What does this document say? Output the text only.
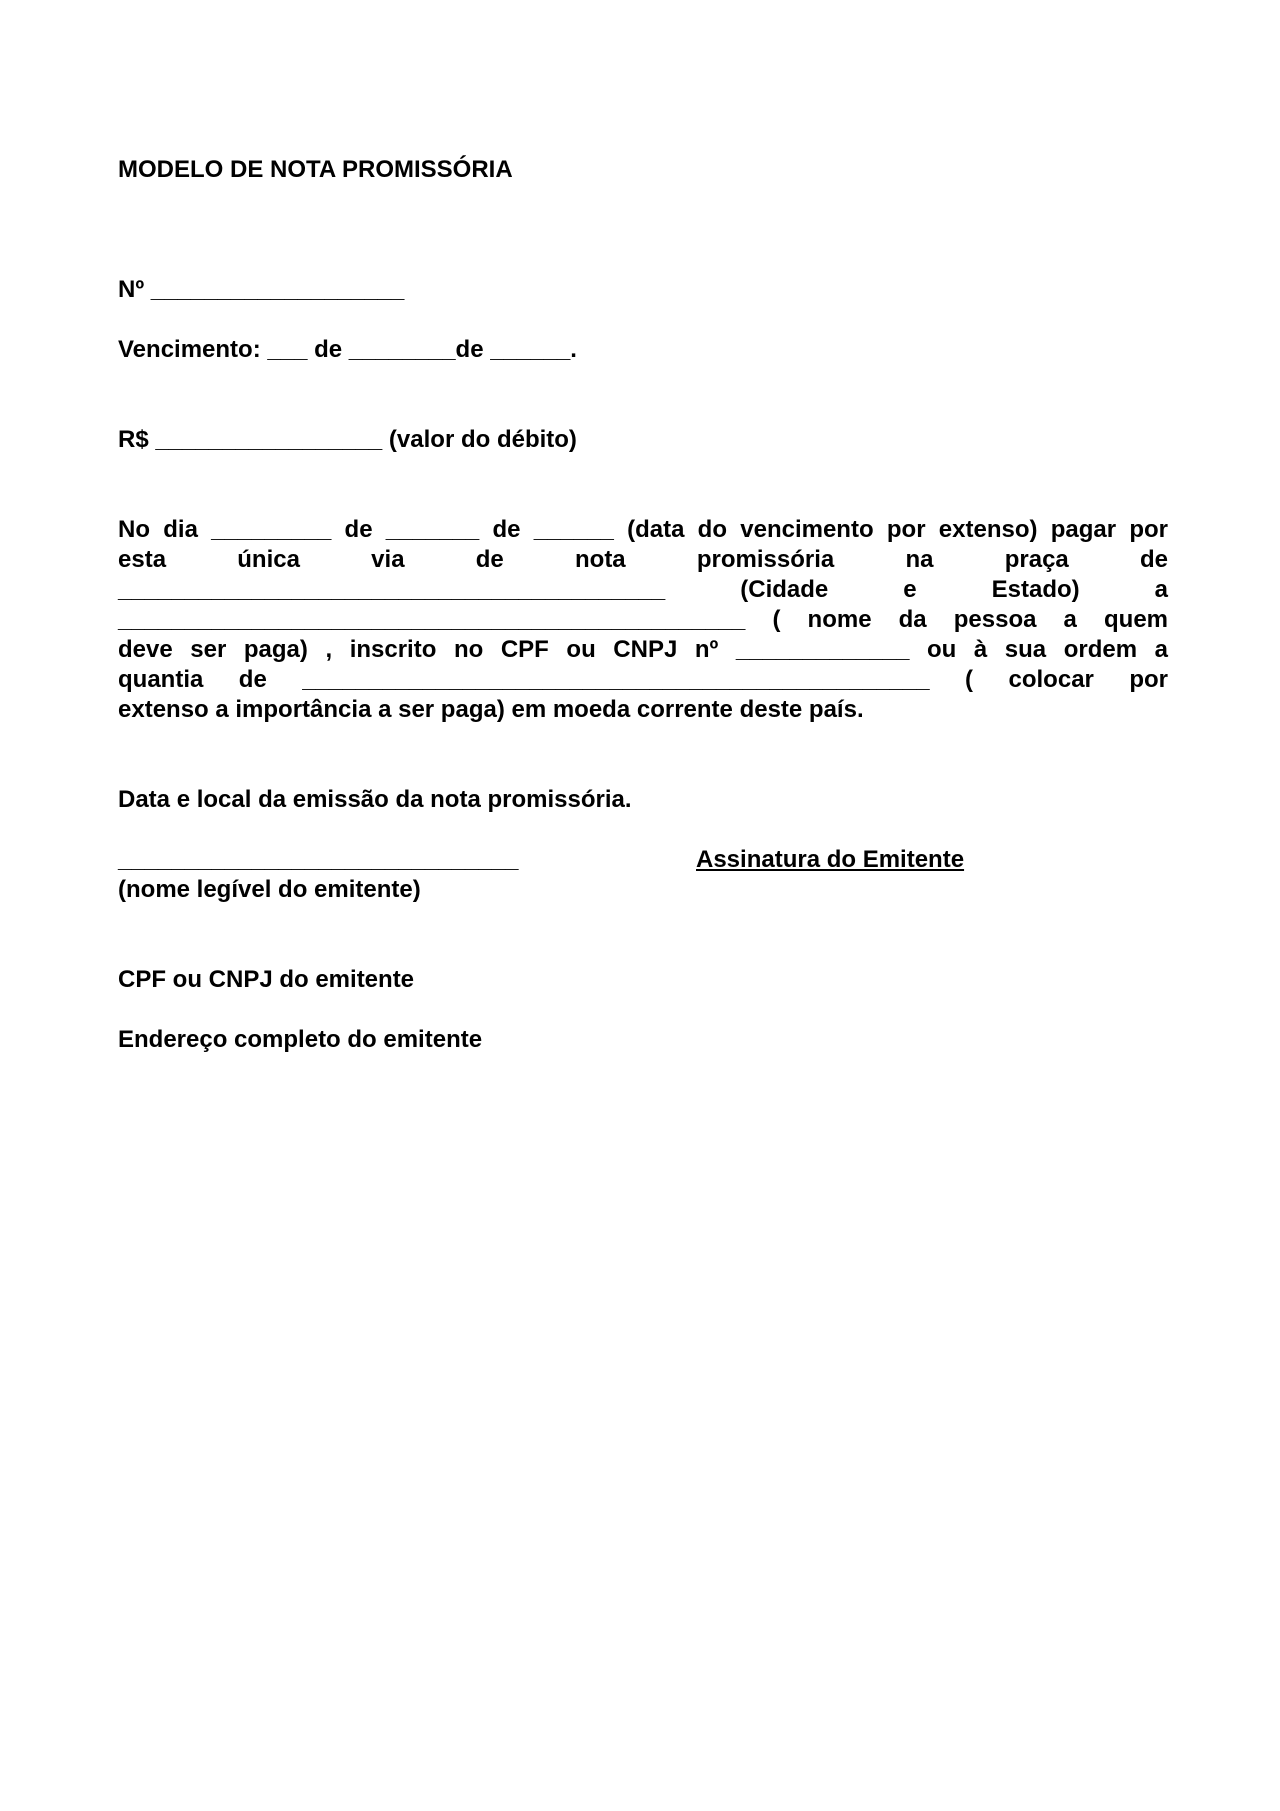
MODELO DE NOTA PROMISSÓRIA

Nº ___________________

Vencimento: ___ de ________de ______.

R$ _________________ (valor do débito)

No dia _________ de _______ de ______ (data do vencimento por extenso) pagar por
esta única via de nota promissória na praça de
_________________________________________ (Cidade e Estado) a
_______________________________________________ ( nome da pessoa a quem
deve ser paga) , inscrito no CPF ou CNPJ nº _____________ ou à sua ordem a
quantia de _______________________________________________ ( colocar por
extenso a importância a ser paga) em moeda corrente deste país.

Data e local da emissão da nota promissória.

______________________________	Assinatura do Emitente

(nome legível do emitente)

CPF ou CNPJ do emitente

Endereço completo do emitente
